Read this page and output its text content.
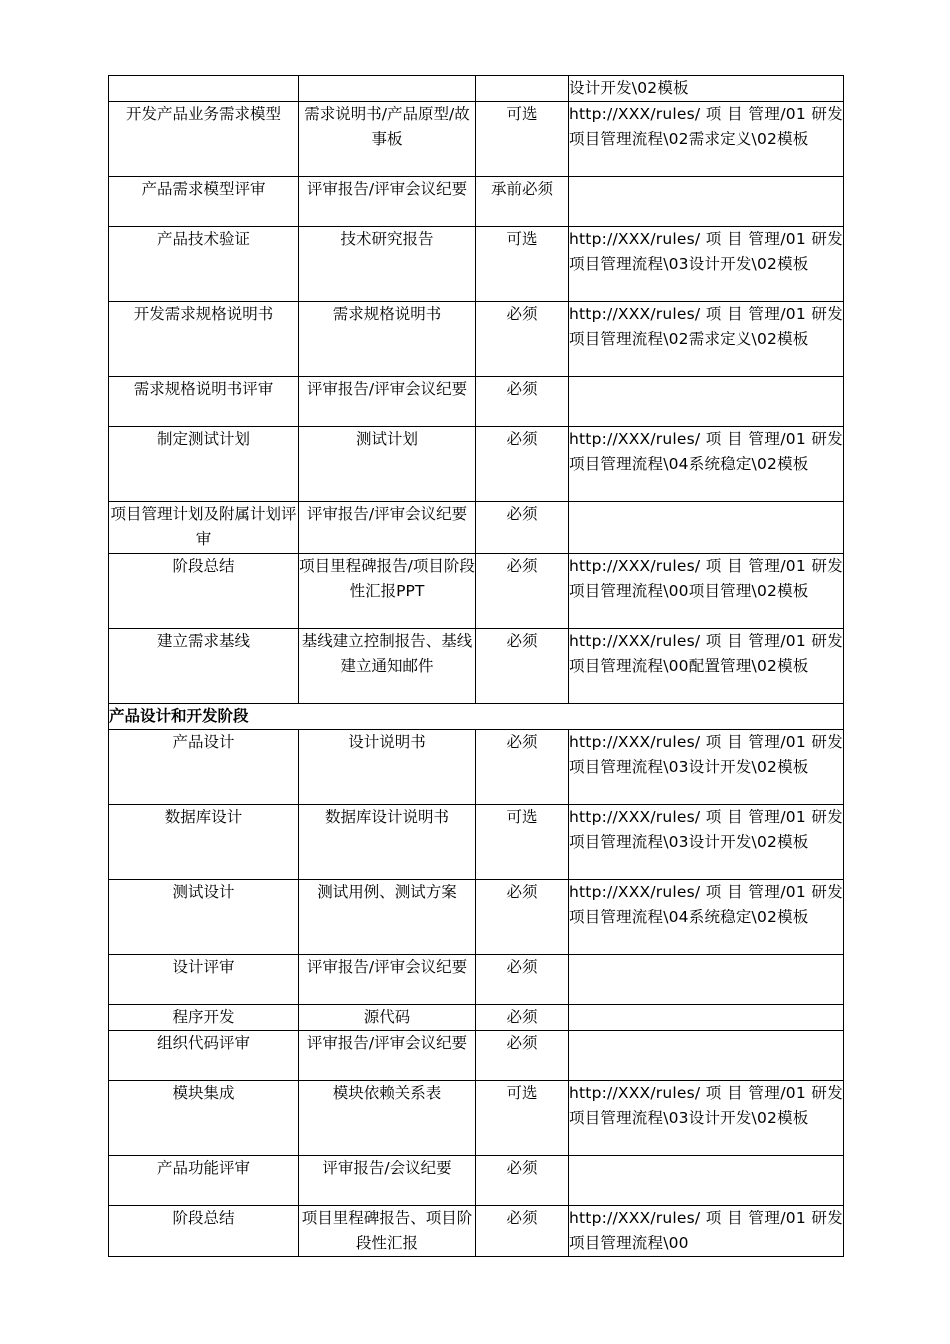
			设计开发\02模板
开发产品业务需求模型	需求说明书/产品原型/故事板	可选	http://XXX/rules/ 项 目 管理/01 研发项目管理流程\02需求定义\02模板
产品需求模型评审	评审报告/评审会议纪要	承前必须	
产品技术验证	技术研究报告	可选	http://XXX/rules/ 项 目 管理/01 研发项目管理流程\03设计开发\02模板
开发需求规格说明书	需求规格说明书	必须	http://XXX/rules/ 项 目 管理/01 研发项目管理流程\02需求定义\02模板
需求规格说明书评审	评审报告/评审会议纪要	必须	
制定测试计划	测试计划	必须	http://XXX/rules/ 项 目 管理/01 研发项目管理流程\04系统稳定\02模板
项目管理计划及附属计划评审	评审报告/评审会议纪要	必须	
阶段总结	项目里程碑报告/项目阶段性汇报PPT	必须	http://XXX/rules/ 项 目 管理/01 研发项目管理流程\00项目管理\02模板
建立需求基线	基线建立控制报告、基线建立通知邮件	必须	http://XXX/rules/ 项 目 管理/01 研发项目管理流程\00配置管理\02模板
产品设计和开发阶段			
产品设计	设计说明书	必须	http://XXX/rules/ 项 目 管理/01 研发项目管理流程\03设计开发\02模板
数据库设计	数据库设计说明书	可选	http://XXX/rules/ 项 目 管理/01 研发项目管理流程\03设计开发\02模板
测试设计	测试用例、测试方案	必须	http://XXX/rules/ 项 目 管理/01 研发项目管理流程\04系统稳定\02模板
设计评审	评审报告/评审会议纪要	必须	
程序开发	源代码	必须	
组织代码评审	评审报告/评审会议纪要	必须	
模块集成	模块依赖关系表	可选	http://XXX/rules/ 项 目 管理/01 研发项目管理流程\03设计开发\02模板
产品功能评审	评审报告/会议纪要	必须	
阶段总结	项目里程碑报告、项目阶段性汇报	必须	http://XXX/rules/ 项 目 管理/01 研发项目管理流程\00
